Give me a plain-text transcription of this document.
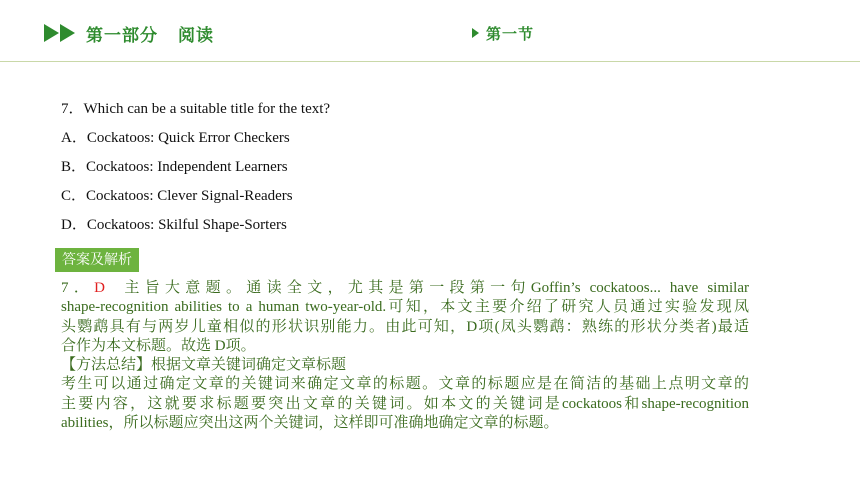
第一部分 阅读	第一节
7．Which can be a suitable title for the text?
A．Cockatoos: Quick Error Checkers
B．Cockatoos: Independent Learners
C．Cockatoos: Clever Signal-Readers
D．Cockatoos: Skilful Shape-Sorters
答案及解析

7．D 主旨大意题。通读全文，尤其是第一段第一句Goffin’s cockatoos... have similar

shape-recognition abilities to a human two-year-old.可知，本文主要介绍了研究人员通过实验发现凤

头鹦鹉具有与两岁儿童相似的形状识别能力。由此可知，D项(凤头鹦鹉：熟练的形状分类者)最适

合作为本文标题。故选 D项。

【方法总结】根据文章关键词确定文章标题

考生可以通过确定文章的关键词来确定文章的标题。文章的标题应是在简洁的基础上点明文章的

主要内容，这就要求标题要突出文章的关键词。如本文的关键词是cockatoos和shape-recognition

abilities，所以标题应突出这两个关键词，这样即可准确地确定文章的标题。
